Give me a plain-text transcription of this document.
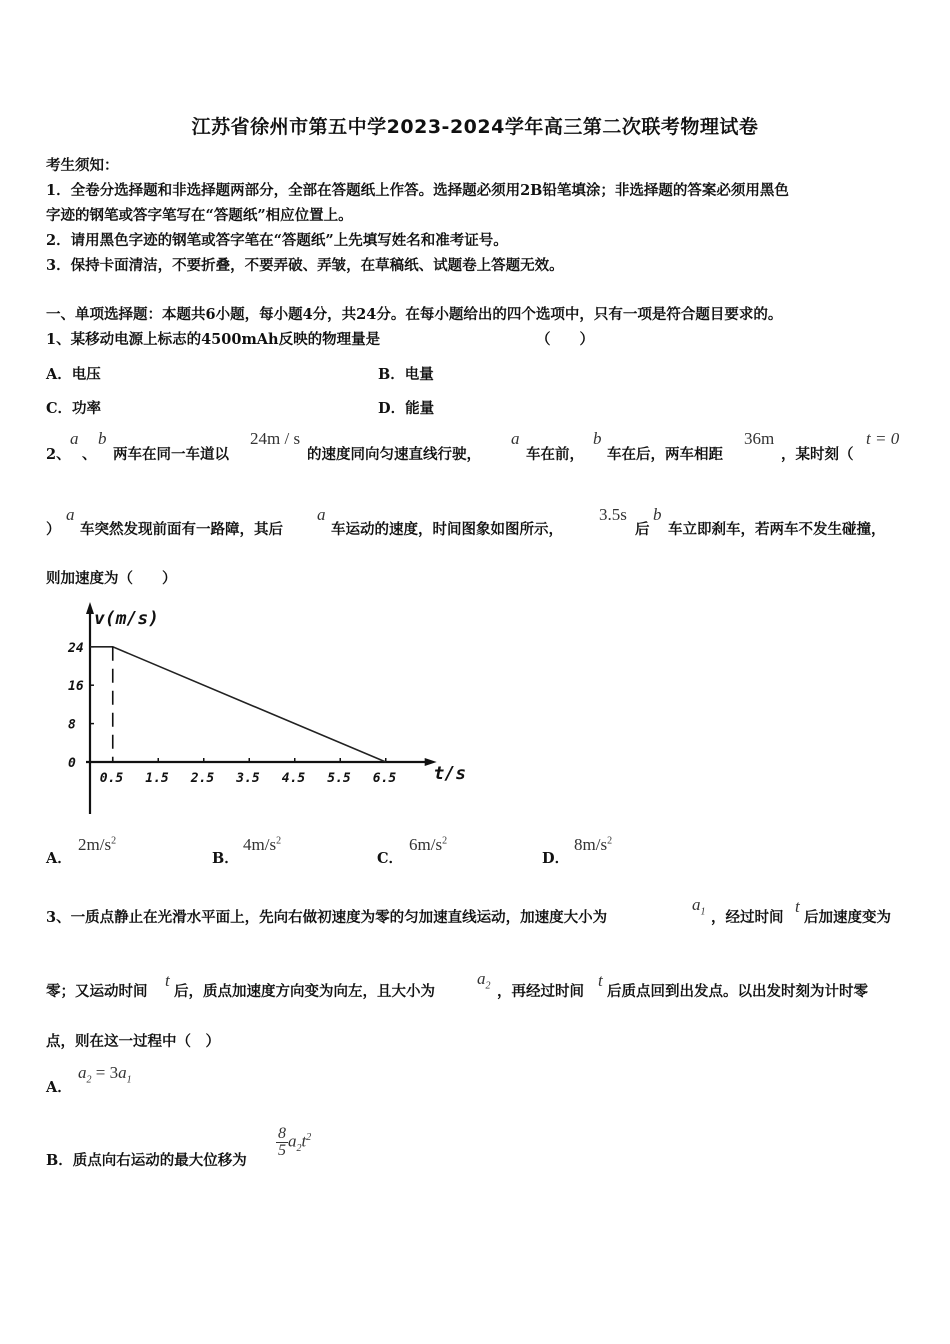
江苏省徐州市第五中学2023-2024学年高三第二次联考物理试卷
考生须知：
1．全卷分选择题和非选择题两部分，全部在答题纸上作答。选择题必须用2B铅笔填涂；非选择题的答案必须用黑色
字迹的钢笔或答字笔写在“答题纸”相应位置上。
2．请用黑色字迹的钢笔或答字笔在“答题纸”上先填写姓名和准考证号。
3．保持卡面清洁，不要折叠，不要弄破、弄皱，在草稿纸、试题卷上答题无效。
一、单项选择题：本题共6小题，每小题4分，共24分。在每小题给出的四个选项中，只有一项是符合题目要求的。
1、某移动电源上标志的4500mAh反映的物理量是	（　　）
A．电压	B．电量
C．功率	D．能量
2、
a
、
b
两车在同一车道以
24m / s
的速度同向匀速直线行驶，
a
车在前，
b
车在后，两车相距
36m
，某时刻（
t = 0
）
a
车突然发现前面有一路障，其后
a
车运动的速度，时间图象如图所示，
3.5s
后
b
车立即刹车，若两车不发生碰撞，
则加速度为（　　）
v(m/s)
t/s
24
16
8
0
0.5 1.5 2.5 3.5 4.5 5.5 6.5
A．
$2m/s^2$
B．
$4m/s^2$
C．
$6m/s^2$
D．
$8m/s^2$
3、一质点静止在光滑水平面上，先向右做初速度为零的匀加速直线运动，加速度大小为
$a_1$ ，经过时间
t
后加速度变为
零；又运动时间
t
后，质点加速度方向变为向左，且大小为
$a_2$ ，再经过时间
t
后质点回到出发点。以出发时刻为计时零
点，则在这一过程中（　）
A．
$a_2 = 3a_1$
B．质点向右运动的最大位移为
$\frac{8}{5} a_2t^2$
